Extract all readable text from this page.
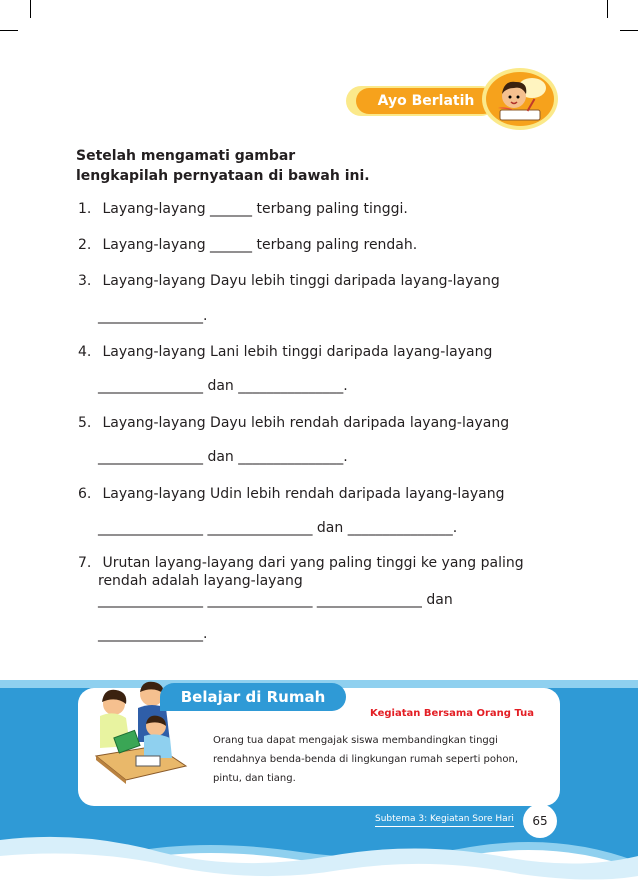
Ayo Berlatih
Setelah mengamati gambar
lengkapilah pernyataan di bawah ini.
1. Layang-layang ______ terbang paling tinggi.
2. Layang-layang ______ terbang paling rendah.
3. Layang-layang Dayu lebih tinggi daripada layang-layang
_______________.
4. Layang-layang Lani lebih tinggi daripada layang-layang
_______________ dan _______________.
5. Layang-layang Dayu lebih rendah daripada layang-layang
_______________ dan _______________.
6. Layang-layang Udin lebih rendah daripada layang-layang
_______________ _______________ dan _______________.
7. Urutan layang-layang dari yang paling tinggi ke yang paling
rendah adalah layang-layang
_______________ _______________ _______________ dan
_______________.
Belajar di Rumah
Kegiatan Bersama Orang Tua
Orang tua dapat mengajak siswa membandingkan tinggi rendahnya benda-benda di lingkungan rumah seperti pohon, pintu, dan tiang.
Subtema 3: Kegiatan Sore Hari	65
